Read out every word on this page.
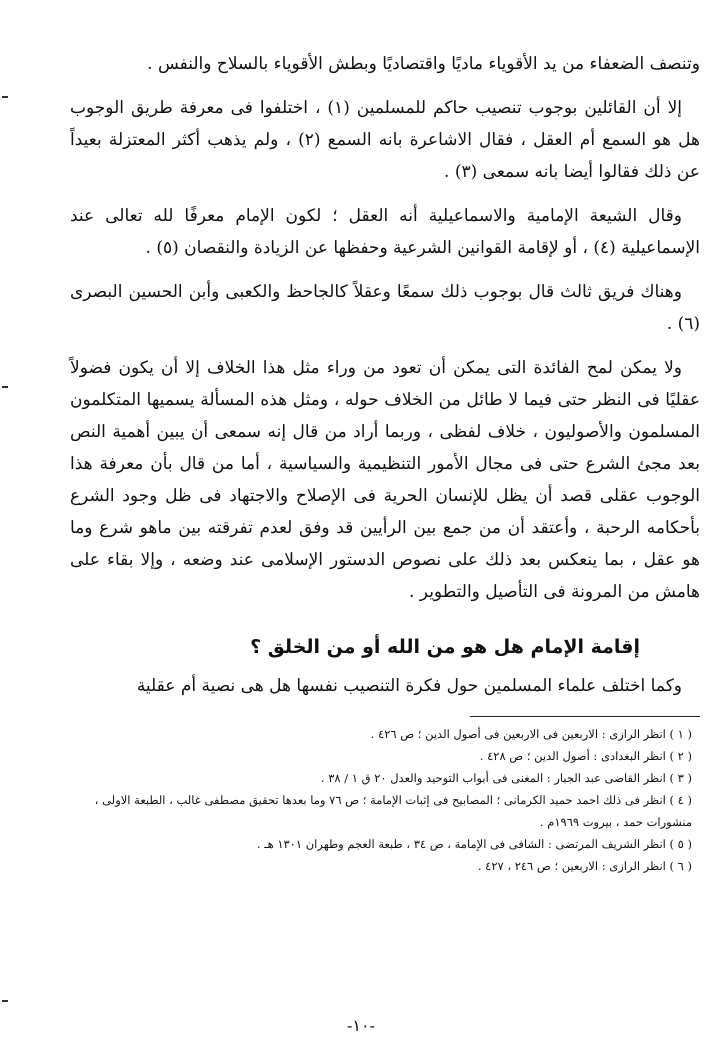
وتنصف الضعفاء من يد الأقوياء ماديًا واقتصاديًا وبطش الأقوياء بالسلاح والنفس .

إلا أن القائلين بوجوب تنصيب حاكم للمسلمين (١) ، اختلفوا فى معرفة طريق الوجوب هل هو السمع أم العقل ، فقال الاشاعرة بانه السمع (٢) ، ولم يذهب أكثر المعتزلة بعيداً عن ذلك فقالوا أيضا بانه سمعى (٣) .

وقال الشيعة الإمامية والاسماعيلية أنه العقل ؛ لكون الإمام معرفًا لله تعالى عند الإسماعيلية (٤) ، أو لإقامة القوانين الشرعية وحفظها عن الزيادة والنقصان (٥) .

وهناك فريق ثالث قال بوجوب ذلك سمعًا وعقلاً كالجاحظ والكعبى وأبن الحسين البصرى (٦) .

ولا يمكن لمح الفائدة التى يمكن أن تعود من وراء مثل هذا الخلاف إلا أن يكون فضولاً عقليًا فى النظر حتى فيما لا طائل من الخلاف حوله ، ومثل هذه المسألة يسميها المتكلمون المسلمون والأصوليون ، خلاف لفظى ، وربما أراد من قال إنه سمعى أن يبين أهمية النص بعد مجئ الشرع حتى فى مجال الأمور التنظيمية والسياسية ، أما من قال بأن معرفة هذا الوجوب عقلى قصد أن يظل للإنسان الحرية فى الإصلاح والاجتهاد فى ظل وجود الشرع بأحكامه الرحبة ، وأعتقد أن من جمع بين الرأيين قد وفق لعدم تفرقته بين ماهو شرع وما هو عقل ، بما ينعكس بعد ذلك على نصوص الدستور الإسلامى عند وضعه ، وإلا بقاء على هامش من المرونة فى التأصيل والتطوير .

إقامة الإمام هل هو من الله أو من الخلق ؟

وكما اختلف علماء المسلمين حول فكرة التنصيب نفسها هل هى نصية أم عقلية

( ١ ) انظر الرازى : الاربعين فى الاربعين فى أصول الدين ؛ ص ٤٢٦ .

( ٢ ) انظر البغدادى : أصول الدين ؛ ص ٤٢٨ .

( ٣ ) انظر القاضى عبد الجبار : المغنى فى أبواب التوحيد والعدل ٢٠ ق ١ / ٣٨ .

( ٤ ) انظر فى ذلك احمد حميد الكرمانى ؛ المصابيح فى إثبات الإمامة ؛ ص ٧٦ وما بعدها تحقيق مصطفى غالب ، الطبعة الاولى ، منشورات حمد ، بيروت ١٩٦٩م .

( ٥ ) انظر الشريف المرتضى : الشافى فى الإمامة ، ص ٣٤ ، طبعة العجم وطهران ١٣٠١ هـ .

( ٦ ) انظر الرازى : الاربعين ؛ ص ٢٤٦ ، ٤٢٧ .

-١٠-
